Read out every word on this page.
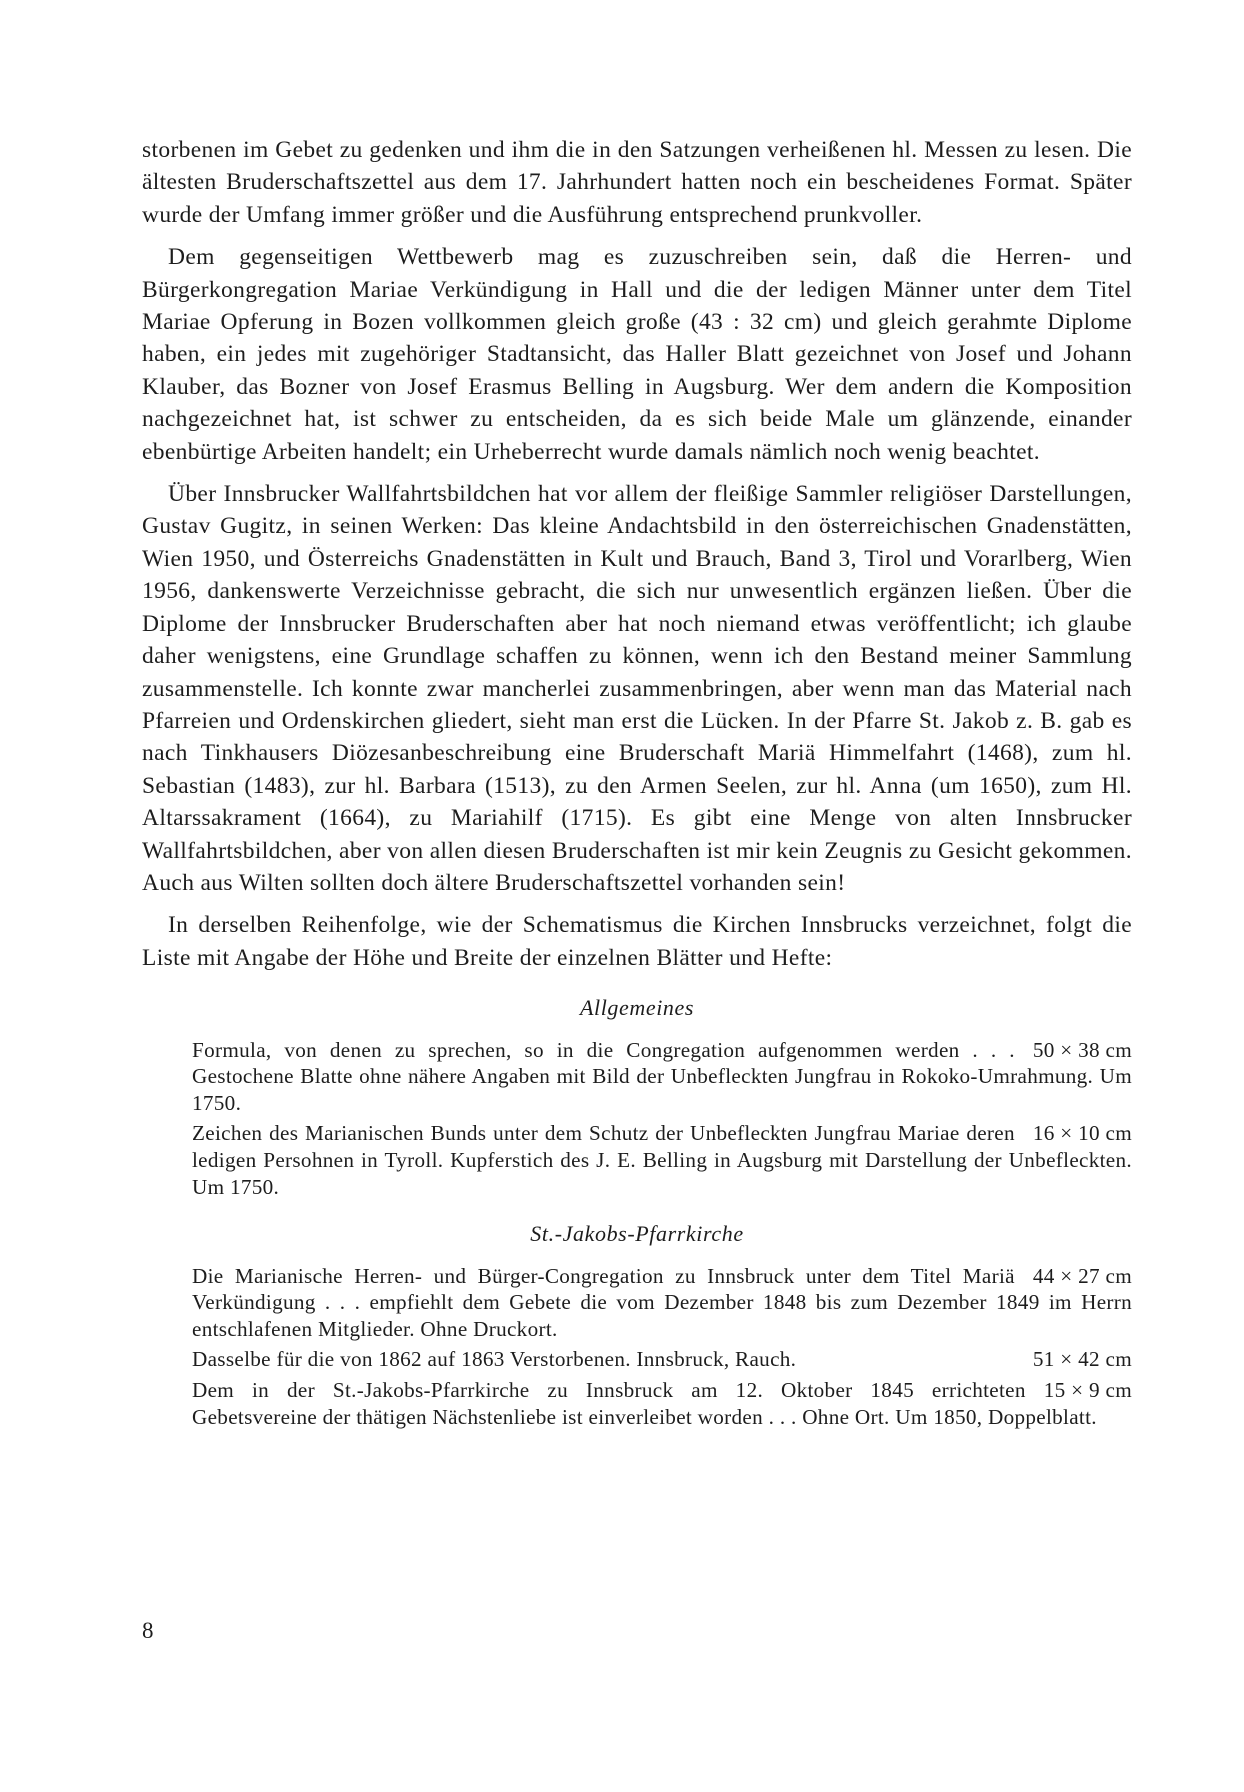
storbenen im Gebet zu gedenken und ihm die in den Satzungen verheißenen hl. Messen zu lesen. Die ältesten Bruderschaftszettel aus dem 17. Jahrhundert hatten noch ein bescheidenes Format. Später wurde der Umfang immer größer und die Ausführung entsprechend prunkvoller.

Dem gegenseitigen Wettbewerb mag es zuzuschreiben sein, daß die Herren- und Bürgerkongregation Mariae Verkündigung in Hall und die der ledigen Männer unter dem Titel Mariae Opferung in Bozen vollkommen gleich große (43 : 32 cm) und gleich gerahmte Diplome haben, ein jedes mit zugehöriger Stadtansicht, das Haller Blatt gezeichnet von Josef und Johann Klauber, das Bozner von Josef Erasmus Belling in Augsburg. Wer dem andern die Komposition nachgezeichnet hat, ist schwer zu entscheiden, da es sich beide Male um glänzende, einander ebenbürtige Arbeiten handelt; ein Urheberrecht wurde damals nämlich noch wenig beachtet.

Über Innsbrucker Wallfahrtsbildchen hat vor allem der fleißige Sammler religiöser Darstellungen, Gustav Gugitz, in seinen Werken: Das kleine Andachtsbild in den österreichischen Gnadenstätten, Wien 1950, und Österreichs Gnadenstätten in Kult und Brauch, Band 3, Tirol und Vorarlberg, Wien 1956, dankenswerte Verzeichnisse gebracht, die sich nur unwesentlich ergänzen ließen. Über die Diplome der Innsbrucker Bruderschaften aber hat noch niemand etwas veröffentlicht; ich glaube daher wenigstens, eine Grundlage schaffen zu können, wenn ich den Bestand meiner Sammlung zusammenstelle. Ich konnte zwar mancherlei zusammenbringen, aber wenn man das Material nach Pfarreien und Ordenskirchen gliedert, sieht man erst die Lücken. In der Pfarre St. Jakob z. B. gab es nach Tinkhausers Diözesanbeschreibung eine Bruderschaft Mariä Himmelfahrt (1468), zum hl. Sebastian (1483), zur hl. Barbara (1513), zu den Armen Seelen, zur hl. Anna (um 1650), zum Hl. Altarssakrament (1664), zu Mariahilf (1715). Es gibt eine Menge von alten Innsbrucker Wallfahrtsbildchen, aber von allen diesen Bruderschaften ist mir kein Zeugnis zu Gesicht gekommen. Auch aus Wilten sollten doch ältere Bruderschaftszettel vorhanden sein!

In derselben Reihenfolge, wie der Schematismus die Kirchen Innsbrucks verzeichnet, folgt die Liste mit Angabe der Höhe und Breite der einzelnen Blätter und Hefte:

Allgemeines
50 × 38 cm
Formula, von denen zu sprechen, so in die Congregation aufgenommen werden . . . Gestochene Blatte ohne nähere Angaben mit Bild der Unbefleckten Jungfrau in Rokoko-Umrahmung. Um 1750.
16 × 10 cm
Zeichen des Marianischen Bunds unter dem Schutz der Unbefleckten Jungfrau Mariae deren ledigen Persohnen in Tyroll. Kupferstich des J. E. Belling in Augsburg mit Darstellung der Unbefleckten. Um 1750.
St.-Jakobs-Pfarrkirche
44 × 27 cm
Die Marianische Herren- und Bürger-Congregation zu Innsbruck unter dem Titel Mariä Verkündigung . . . empfiehlt dem Gebete die vom Dezember 1848 bis zum Dezember 1849 im Herrn entschlafenen Mitglieder. Ohne Druckort.
51 × 42 cm
Dasselbe für die von 1862 auf 1863 Verstorbenen. Innsbruck, Rauch.
15 × 9 cm
Dem in der St.-Jakobs-Pfarrkirche zu Innsbruck am 12. Oktober 1845 errichteten Gebetsvereine der thätigen Nächstenliebe ist einverleibet worden . . . Ohne Ort. Um 1850, Doppelblatt.
8
